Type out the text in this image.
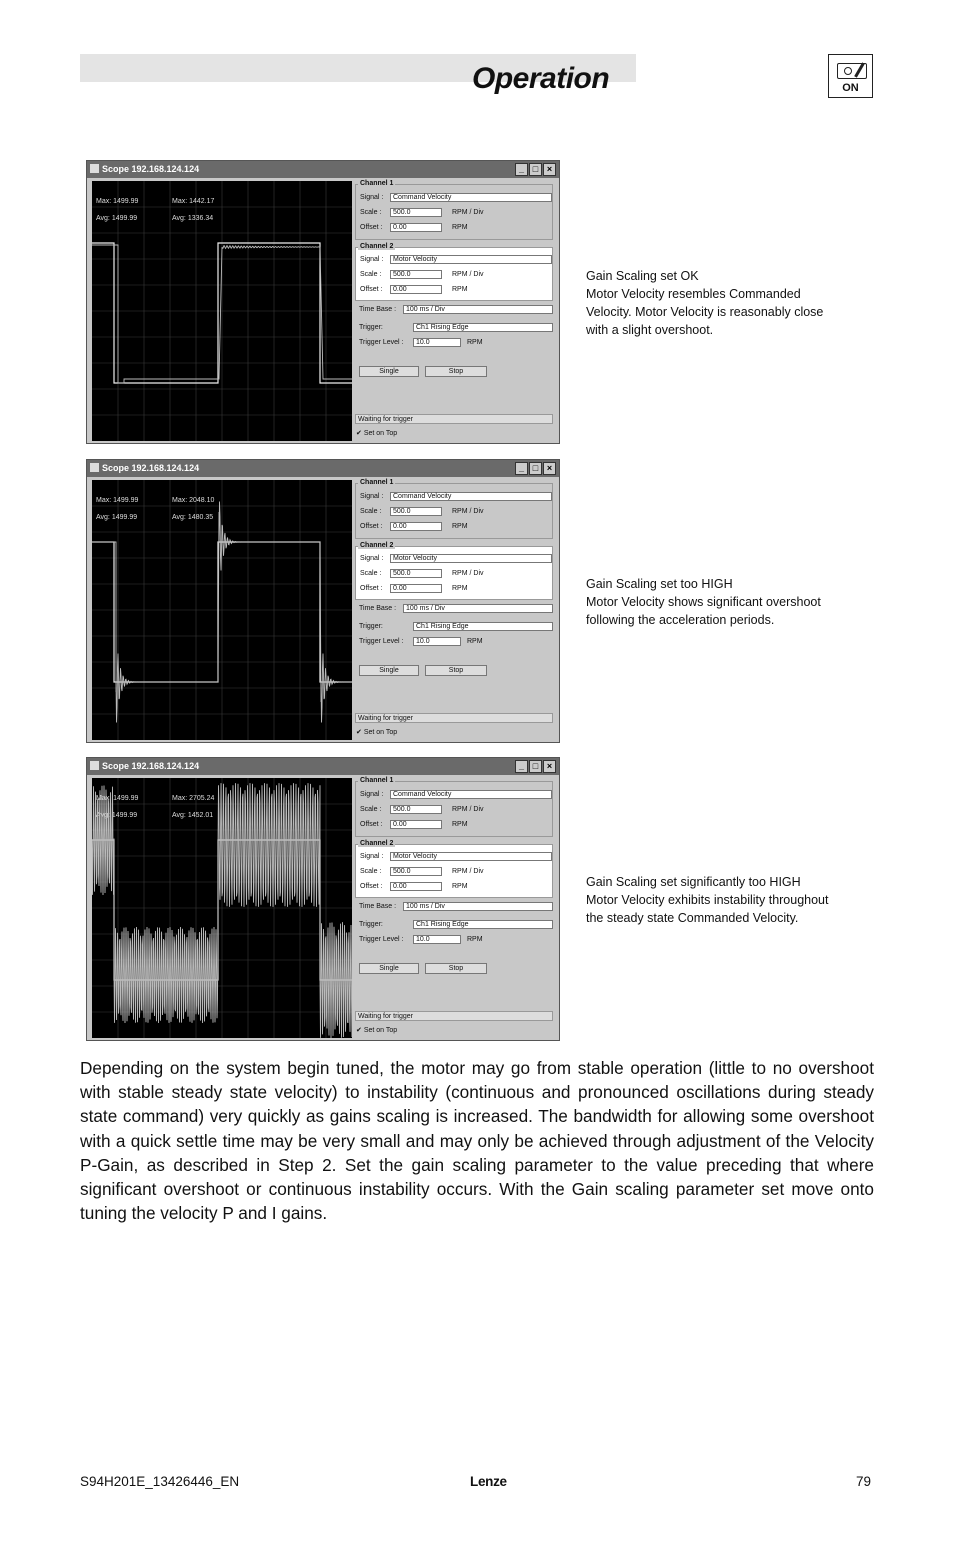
Operation	ON
Scope 192.168.124.124	_ □ ×
Max: 1499.99
Avg: 1499.99
Max: 1442.17
Avg: 1336.34
Channel 1
Signal :	Command Velocity
Scale :	500.0	RPM / Div
Offset :	0.00	RPM
Channel 2
Signal :	Motor Velocity
Scale :	500.0	RPM / Div
Offset :	0.00	RPM
Time Base :	100 ms / Div
Trigger:	Ch1 Rising Edge
Trigger Level :	10.0	RPM
Single	Stop
Waiting for trigger
✔ Set on Top
Scope 192.168.124.124	_ □ ×
Max: 1499.99
Avg: 1499.99
Max: 2048.10
Avg: 1480.35
Channel 1
Signal :	Command Velocity
Scale :	500.0	RPM / Div
Offset :	0.00	RPM
Channel 2
Signal :	Motor Velocity
Scale :	500.0	RPM / Div
Offset :	0.00	RPM
Time Base :	100 ms / Div
Trigger:	Ch1 Rising Edge
Trigger Level :	10.0	RPM
Single	Stop
Waiting for trigger
✔ Set on Top
Scope 192.168.124.124	_ □ ×
Max: 1499.99
Avg: 1499.99
Max: 2705.24
Avg: 1452.01
Channel 1
Signal :	Command Velocity
Scale :	500.0	RPM / Div
Offset :	0.00	RPM
Channel 2
Signal :	Motor Velocity
Scale :	500.0	RPM / Div
Offset :	0.00	RPM
Time Base :	100 ms / Div
Trigger:	Ch1 Rising Edge
Trigger Level :	10.0	RPM
Single	Stop
Waiting for trigger
✔ Set on Top
Gain Scaling set OK
Motor Velocity resembles Commanded
Velocity. Motor Velocity is reasonably close
with a slight overshoot.
Gain Scaling set too HIGH
Motor Velocity shows significant overshoot
following the acceleration periods.
Gain Scaling set significantly too HIGH
Motor Velocity exhibits instability throughout
the steady state Commanded Velocity.
Depending on the system begin tuned, the motor may go from stable operation (little to no overshoot with stable steady state velocity) to instability (continuous and pronounced oscillations during steady state command) very quickly as gains scaling is increased. The bandwidth for allowing some overshoot with a quick settle time may be very small and may only be achieved through adjustment of the Velocity P-Gain, as described in Step 2. Set the gain scaling parameter to the value preceding that where significant overshoot or continuous instability occurs. With the Gain scaling parameter set move onto tuning the velocity P and I gains.
S94H201E_13426446_EN	Lenze	79
